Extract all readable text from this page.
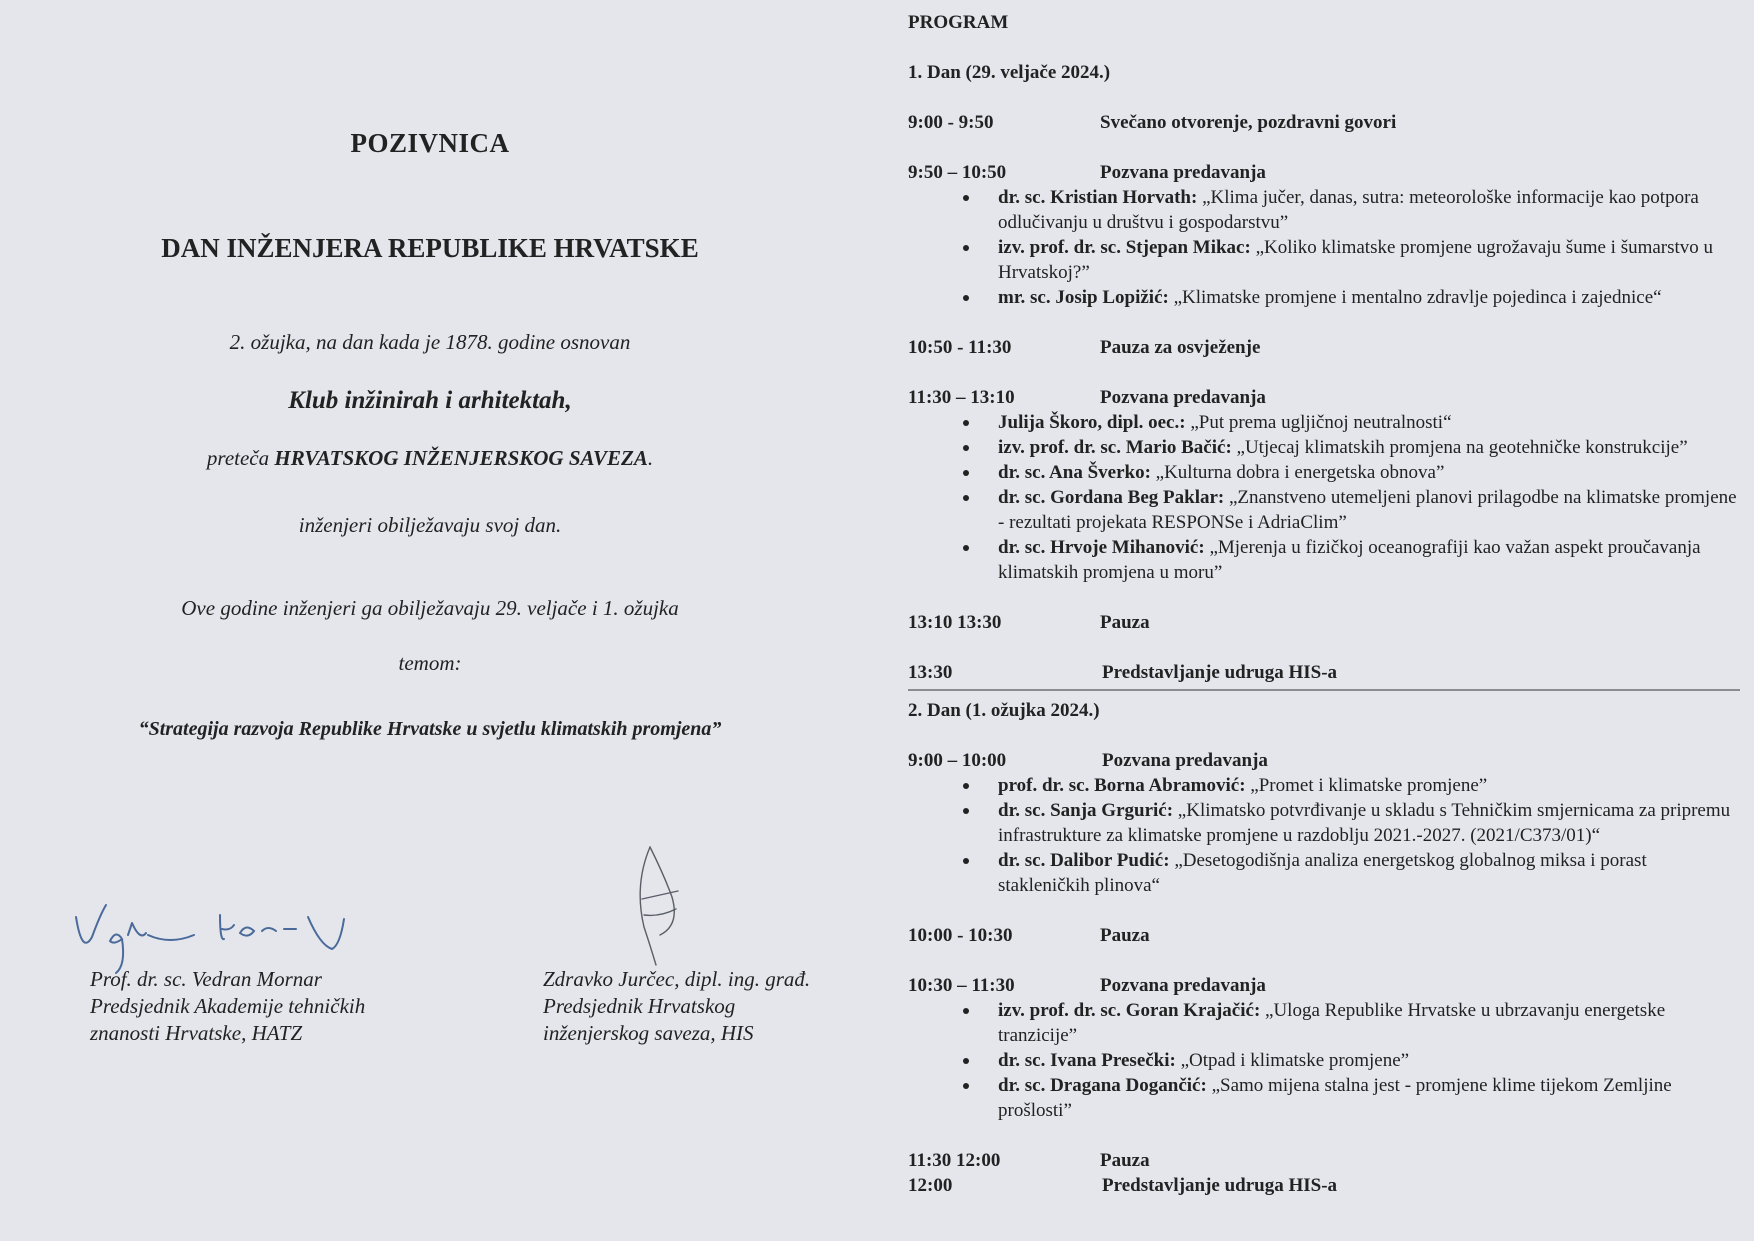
POZIVNICA
DAN INŽENJERA REPUBLIKE HRVATSKE
2. ožujka, na dan kada je 1878. godine osnovan
Klub inžinirah i arhitektah,
preteča HRVATSKOG INŽENJERSKOG SAVEZA.
inženjeri obilježavaju svoj dan.
Ove godine inženjeri ga obilježavaju 29. veljače i 1. ožujka
temom:
“Strategija razvoja Republike Hrvatske u svjetlu klimatskih promjena”
Prof. dr. sc. Vedran Mornar
Predsjednik Akademije tehničkih
znanosti Hrvatske, HATZ
Zdravko Jurčec, dipl. ing. građ.
Predsjednik Hrvatskog
inženjerskog saveza, HIS
PROGRAM
1. Dan (29. veljače 2024.)
9:00 - 9:50	Svečano otvorenje, pozdravni govori
9:50 – 10:50	Pozvana predavanja
dr. sc. Kristian Horvath: „Klima jučer, danas, sutra: meteorološke informacije kao potpora odlučivanju u društvu i gospodarstvu”
izv. prof. dr. sc. Stjepan Mikac: „Koliko klimatske promjene ugrožavaju šume i šumarstvo u Hrvatskoj?”
mr. sc. Josip Lopižić: „Klimatske promjene i mentalno zdravlje pojedinca i zajednice“
10:50 - 11:30	Pauza za osvježenje
11:30 – 13:10	Pozvana predavanja
Julija Škoro, dipl. oec.: „Put prema ugljičnoj neutralnosti“
izv. prof. dr. sc. Mario Bačić: „Utjecaj klimatskih promjena na geotehničke konstrukcije”
dr. sc. Ana Šverko: „Kulturna dobra i energetska obnova”
dr. sc. Gordana Beg Paklar: „Znanstveno utemeljeni planovi prilagodbe na klimatske promjene - rezultati projekata RESPONSe i AdriaClim”
dr. sc. Hrvoje Mihanović: „Mjerenja u fizičkoj oceanografiji kao važan aspekt proučavanja klimatskih promjena u moru”
13:10 13:30	Pauza
13:30	Predstavljanje udruga HIS-a
2. Dan (1. ožujka 2024.)
9:00 – 10:00	Pozvana predavanja
prof. dr. sc. Borna Abramović: „Promet i klimatske promjene”
dr. sc. Sanja Grgurić: „Klimatsko potvrđivanje u skladu s Tehničkim smjernicama za pripremu infrastrukture za klimatske promjene u razdoblju 2021.-2027. (2021/C373/01)“
dr. sc. Dalibor Pudić: „Desetogodišnja analiza energetskog globalnog miksa i porast stakleničkih plinova“
10:00 - 10:30	Pauza
10:30 – 11:30	Pozvana predavanja
izv. prof. dr. sc. Goran Krajačić: „Uloga Republike Hrvatske u ubrzavanju energetske tranzicije”
dr. sc. Ivana Presečki: „Otpad i klimatske promjene”
dr. sc. Dragana Dogančić: „Samo mijena stalna jest - promjene klime tijekom Zemljine prošlosti”
11:30 12:00	Pauza
12:00	Predstavljanje udruga HIS-a
